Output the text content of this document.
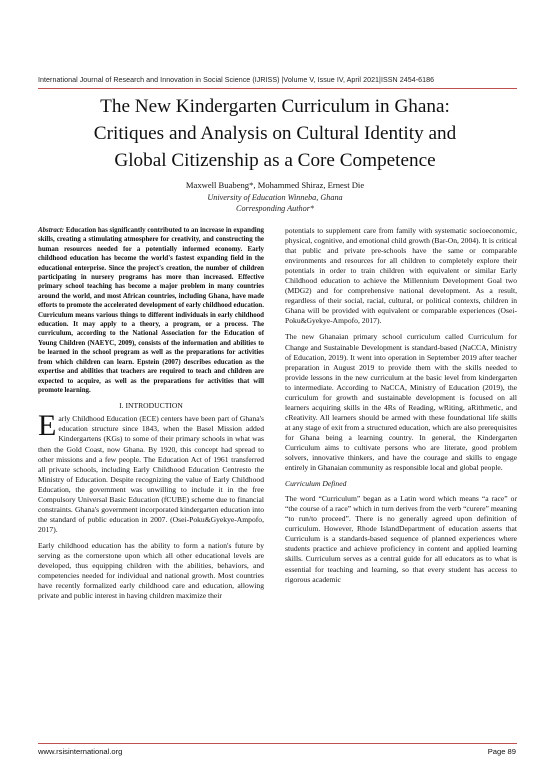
International Journal of Research and Innovation in Social Science (IJRISS) |Volume V, Issue IV, April 2021|ISSN 2454-6186
The New Kindergarten Curriculum in Ghana:
Critiques and Analysis on Cultural Identity and
Global Citizenship as a Core Competence
Maxwell Buabeng*, Mohammed Shiraz, Ernest Die
University of Education Winneba, Ghana
Corresponding Author*

Abstract: Education has significantly contributed to an increase in expanding skills, creating a stimulating atmosphere for creativity, and constructing the human resources needed for a potentially informed economy. Early childhood education has become the world's fastest expanding field in the educational enterprise. Since the project's creation, the number of children participating in nursery programs has more than increased. Effective primary school teaching has become a major problem in many countries around the world, and most African countries, including Ghana, have made efforts to promote the accelerated development of early childhood education. Curriculum means various things to different individuals in early childhood education. It may apply to a theory, a program, or a process. The curriculum, according to the National Association for the Education of Young Children (NAEYC, 2009), consists of the information and abilities to be learned in the school program as well as the preparations for activities from which children can learn. Epstein (2007) describes education as the expertise and abilities that teachers are required to teach and children are expected to acquire, as well as the preparations for activities that will promote learning.

I. INTRODUCTION

Early Childhood Education (ECE) centers have been part of Ghana's education structure since 1843, when the Basel Mission added Kindergartens (KGs) to some of their primary schools in what was then the Gold Coast, now Ghana. By 1920, this concept had spread to other missions and a few people. The Education Act of 1961 transferred all private schools, including Early Childhood Education Centresto the Ministry of Education. Despite recognizing the value of Early Childhood Education, the government was unwilling to include it in the free Compulsory Universal Basic Education (fCUBE) scheme due to financial constraints. Ghana's government incorporated kindergarten education into the standard of public education in 2007. (Osei-Poku&Gyekye-Ampofo, 2017).

Early childhood education has the ability to form a nation's future by serving as the cornerstone upon which all other educational levels are developed, thus equipping children with the abilities, behaviors, and competencies needed for individual and national growth. Most countries have recently formalized early childhood care and education, allowing private and public interest in having children maximize their

potentials to supplement care from family with systematic socioeconomic, physical, cognitive, and emotional child growth (Bar-On, 2004). It is critical that public and private pre-schools have the same or comparable environments and resources for all children to completely explore their potentials in order to train children with equivalent or similar Early Childhood education to achieve the Millennium Development Goal two (MDG2) and for comprehensive national development. As a result, regardless of their social, racial, cultural, or political contexts, children in Ghana will be provided with equivalent or comparable experiences (Osei-Poku&Gyekye-Ampofo, 2017).

The new Ghanaian primary school curriculum called Curriculum for Change and Sustainable Development is standard-based (NaCCA, Ministry of Education, 2019). It went into operation in September 2019 after teacher preparation in August 2019 to provide them with the skills needed to provide lessons in the new curriculum at the basic level from kindergarten to intermediate. According to NaCCA, Ministry of Education (2019), the curriculum for growth and sustainable development is focused on all learners acquiring skills in the 4Rs of Reading, wRiting, aRithmetic, and cReativity. All learners should be armed with these foundational life skills at any stage of exit from a structured education, which are also prerequisites for Ghana being a learning country. In general, the Kindergarten Curriculum aims to cultivate persons who are literate, good problem solvers, innovative thinkers, and have the courage and skills to engage entirely in Ghanaian community as responsible local and global people.

Curriculum Defined

The word “Curriculum” began as a Latin word which means “a race” or “the course of a race” which in turn derives from the verb “curere” meaning “to run/to proceed”. There is no generally agreed upon definition of curriculum. However, Rhode IslandDepartment of education asserts that Curriculum is a standards-based sequence of planned experiences where students practice and achieve proficiency in content and applied learning skills. Curriculum serves as a central guide for all educators as to what is essential for teaching and learning, so that every student has access to rigorous academic

www.rsisinternational.org	Page 89
